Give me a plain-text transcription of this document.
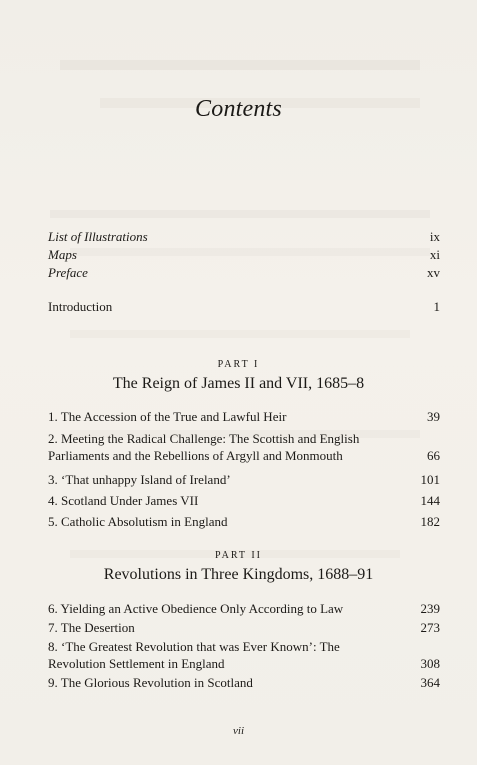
Contents
List of Illustrations	ix
Maps	xi
Preface	xv
Introduction	1
PART I
The Reign of James II and VII, 1685–8
1. The Accession of the True and Lawful Heir	39
2. Meeting the Radical Challenge: The Scottish and English Parliaments and the Rebellions of Argyll and Monmouth	66
3. ‘That unhappy Island of Ireland’	101
4. Scotland Under James VII	144
5. Catholic Absolutism in England	182
PART II
Revolutions in Three Kingdoms, 1688–91
6. Yielding an Active Obedience Only According to Law	239
7. The Desertion	273
8. ‘The Greatest Revolution that was Ever Known’: The Revolution Settlement in England	308
9. The Glorious Revolution in Scotland	364
vii
